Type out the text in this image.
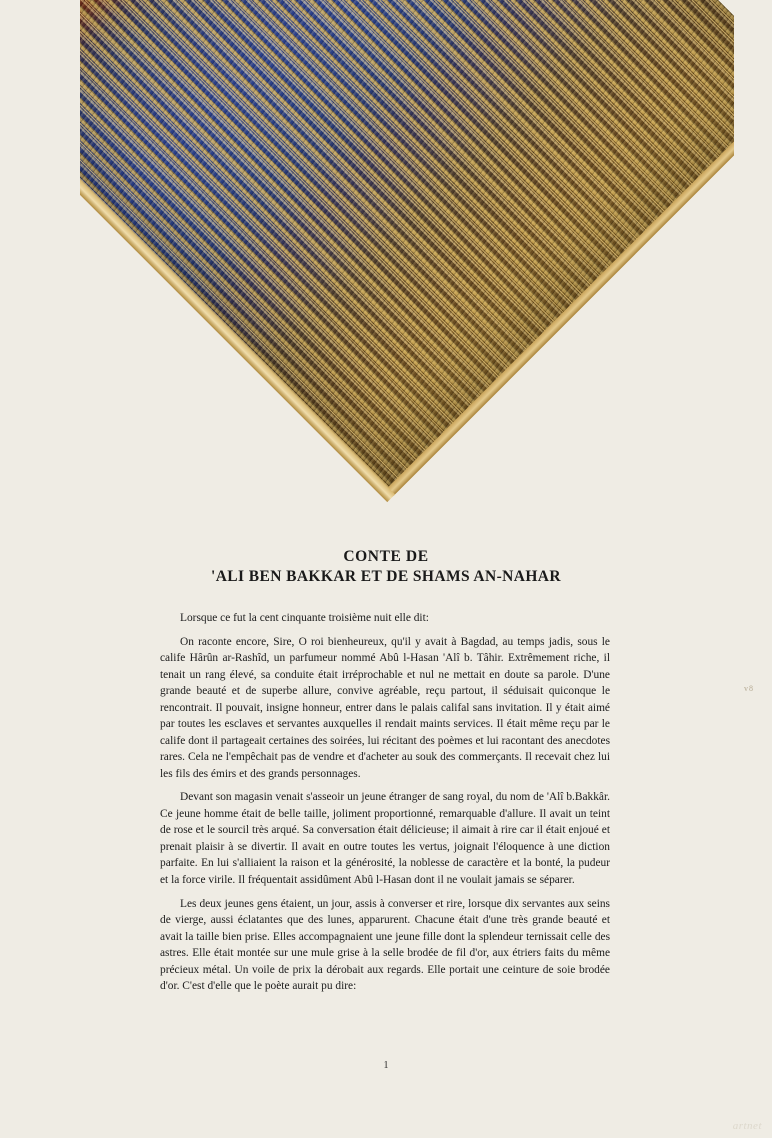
CONTE DE
'ALI BEN BAKKAR ET DE SHAMS AN-NAHAR

Lorsque ce fut la cent cinquante troisième nuit elle dit:

On raconte encore, Sire, O roi bienheureux, qu'il y avait à Bagdad, au temps jadis, sous le calife Hârûn ar-Rashîd, un parfumeur nommé Abû l-Hasan 'Alî b. Tâhir. Extrêmement riche, il tenait un rang élevé, sa conduite était irréprochable et nul ne mettait en doute sa parole. D'une grande beauté et de superbe allure, convive agréable, reçu partout, il séduisait quiconque le rencontrait. Il pouvait, insigne honneur, entrer dans le palais califal sans invitation. Il y était aimé par toutes les esclaves et servantes auxquelles il rendait maints services. Il était même reçu par le calife dont il partageait certaines des soirées, lui récitant des poèmes et lui racontant des anecdotes rares. Cela ne l'empêchait pas de vendre et d'acheter au souk des commerçants. Il recevait chez lui les fils des émirs et des grands personnages.

Devant son magasin venait s'asseoir un jeune étranger de sang royal, du nom de 'Alî b.Bakkâr. Ce jeune homme était de belle taille, joliment proportionné, remarquable d'allure. Il avait un teint de rose et le sourcil très arqué. Sa conversation était délicieuse; il aimait à rire car il était enjoué et prenait plaisir à se divertir. Il avait en outre toutes les vertus, joignait l'éloquence à une diction parfaite. En lui s'alliaient la raison et la générosité, la noblesse de caractère et la bonté, la pudeur et la force virile. Il fréquentait assidûment Abû l-Hasan dont il ne voulait jamais se séparer.

Les deux jeunes gens étaient, un jour, assis à converser et rire, lorsque dix servantes aux seins de vierge, aussi éclatantes que des lunes, apparurent. Chacune était d'une très grande beauté et avait la taille bien prise. Elles accompagnaient une jeune fille dont la splendeur ternissait celle des astres. Elle était montée sur une mule grise à la selle brodée de fil d'or, aux étriers faits du même précieux métal. Un voile de prix la dérobait aux regards. Elle portait une ceinture de soie brodée d'or. C'est d'elle que le poète aurait pu dire:

v8
1
artnet
